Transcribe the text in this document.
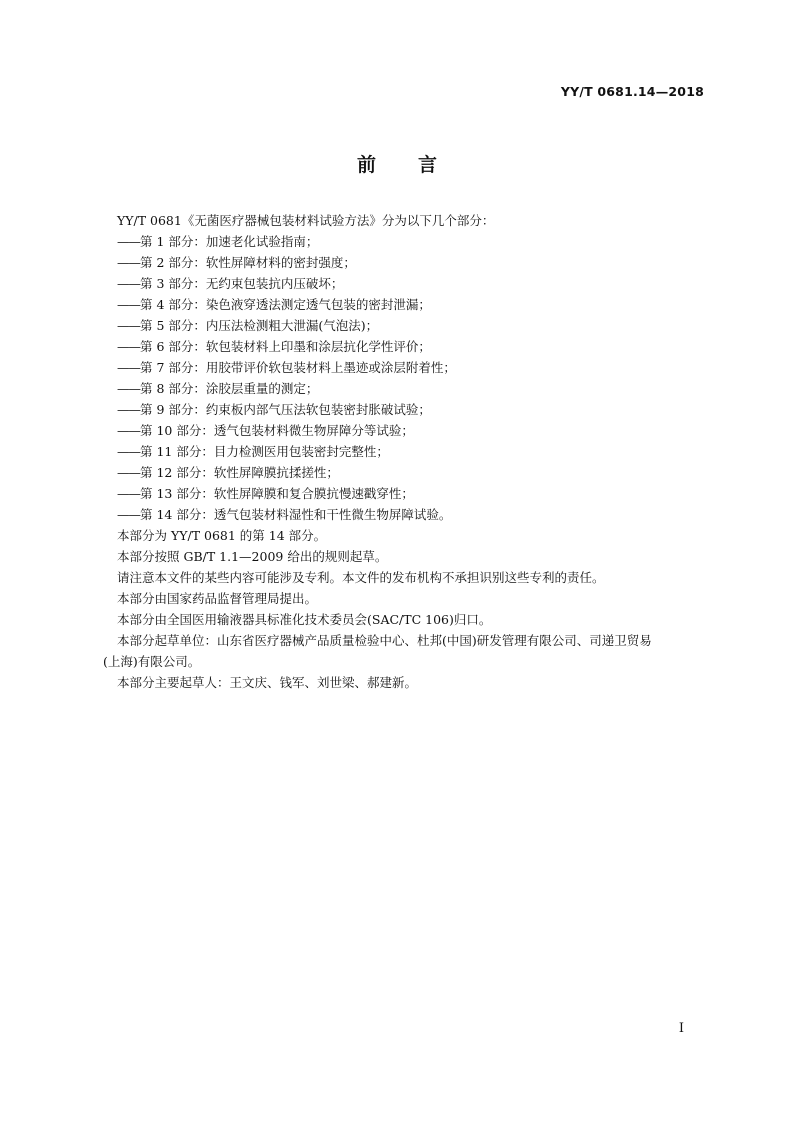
YY/T 0681.14—2018
前言

YY/T 0681《无菌医疗器械包装材料试验方法》分为以下几个部分：

——第 1 部分：加速老化试验指南；

——第 2 部分：软性屏障材料的密封强度；

——第 3 部分：无约束包装抗内压破坏；

——第 4 部分：染色液穿透法测定透气包装的密封泄漏；

——第 5 部分：内压法检测粗大泄漏(气泡法)；

——第 6 部分：软包装材料上印墨和涂层抗化学性评价；

——第 7 部分：用胶带评价软包装材料上墨迹或涂层附着性；

——第 8 部分：涂胶层重量的测定；

——第 9 部分：约束板内部气压法软包装密封胀破试验；

——第 10 部分：透气包装材料微生物屏障分等试验；

——第 11 部分：目力检测医用包装密封完整性；

——第 12 部分：软性屏障膜抗揉搓性；

——第 13 部分：软性屏障膜和复合膜抗慢速戳穿性；

——第 14 部分：透气包装材料湿性和干性微生物屏障试验。

本部分为 YY/T 0681 的第 14 部分。

本部分按照 GB/T 1.1—2009 给出的规则起草。

请注意本文件的某些内容可能涉及专利。本文件的发布机构不承担识别这些专利的责任。

本部分由国家药品监督管理局提出。

本部分由全国医用输液器具标准化技术委员会(SAC/TC 106)归口。

本部分起草单位：山东省医疗器械产品质量检验中心、杜邦(中国)研发管理有限公司、司递卫贸易

(上海)有限公司。

本部分主要起草人：王文庆、钱军、刘世梁、郝建新。

I
